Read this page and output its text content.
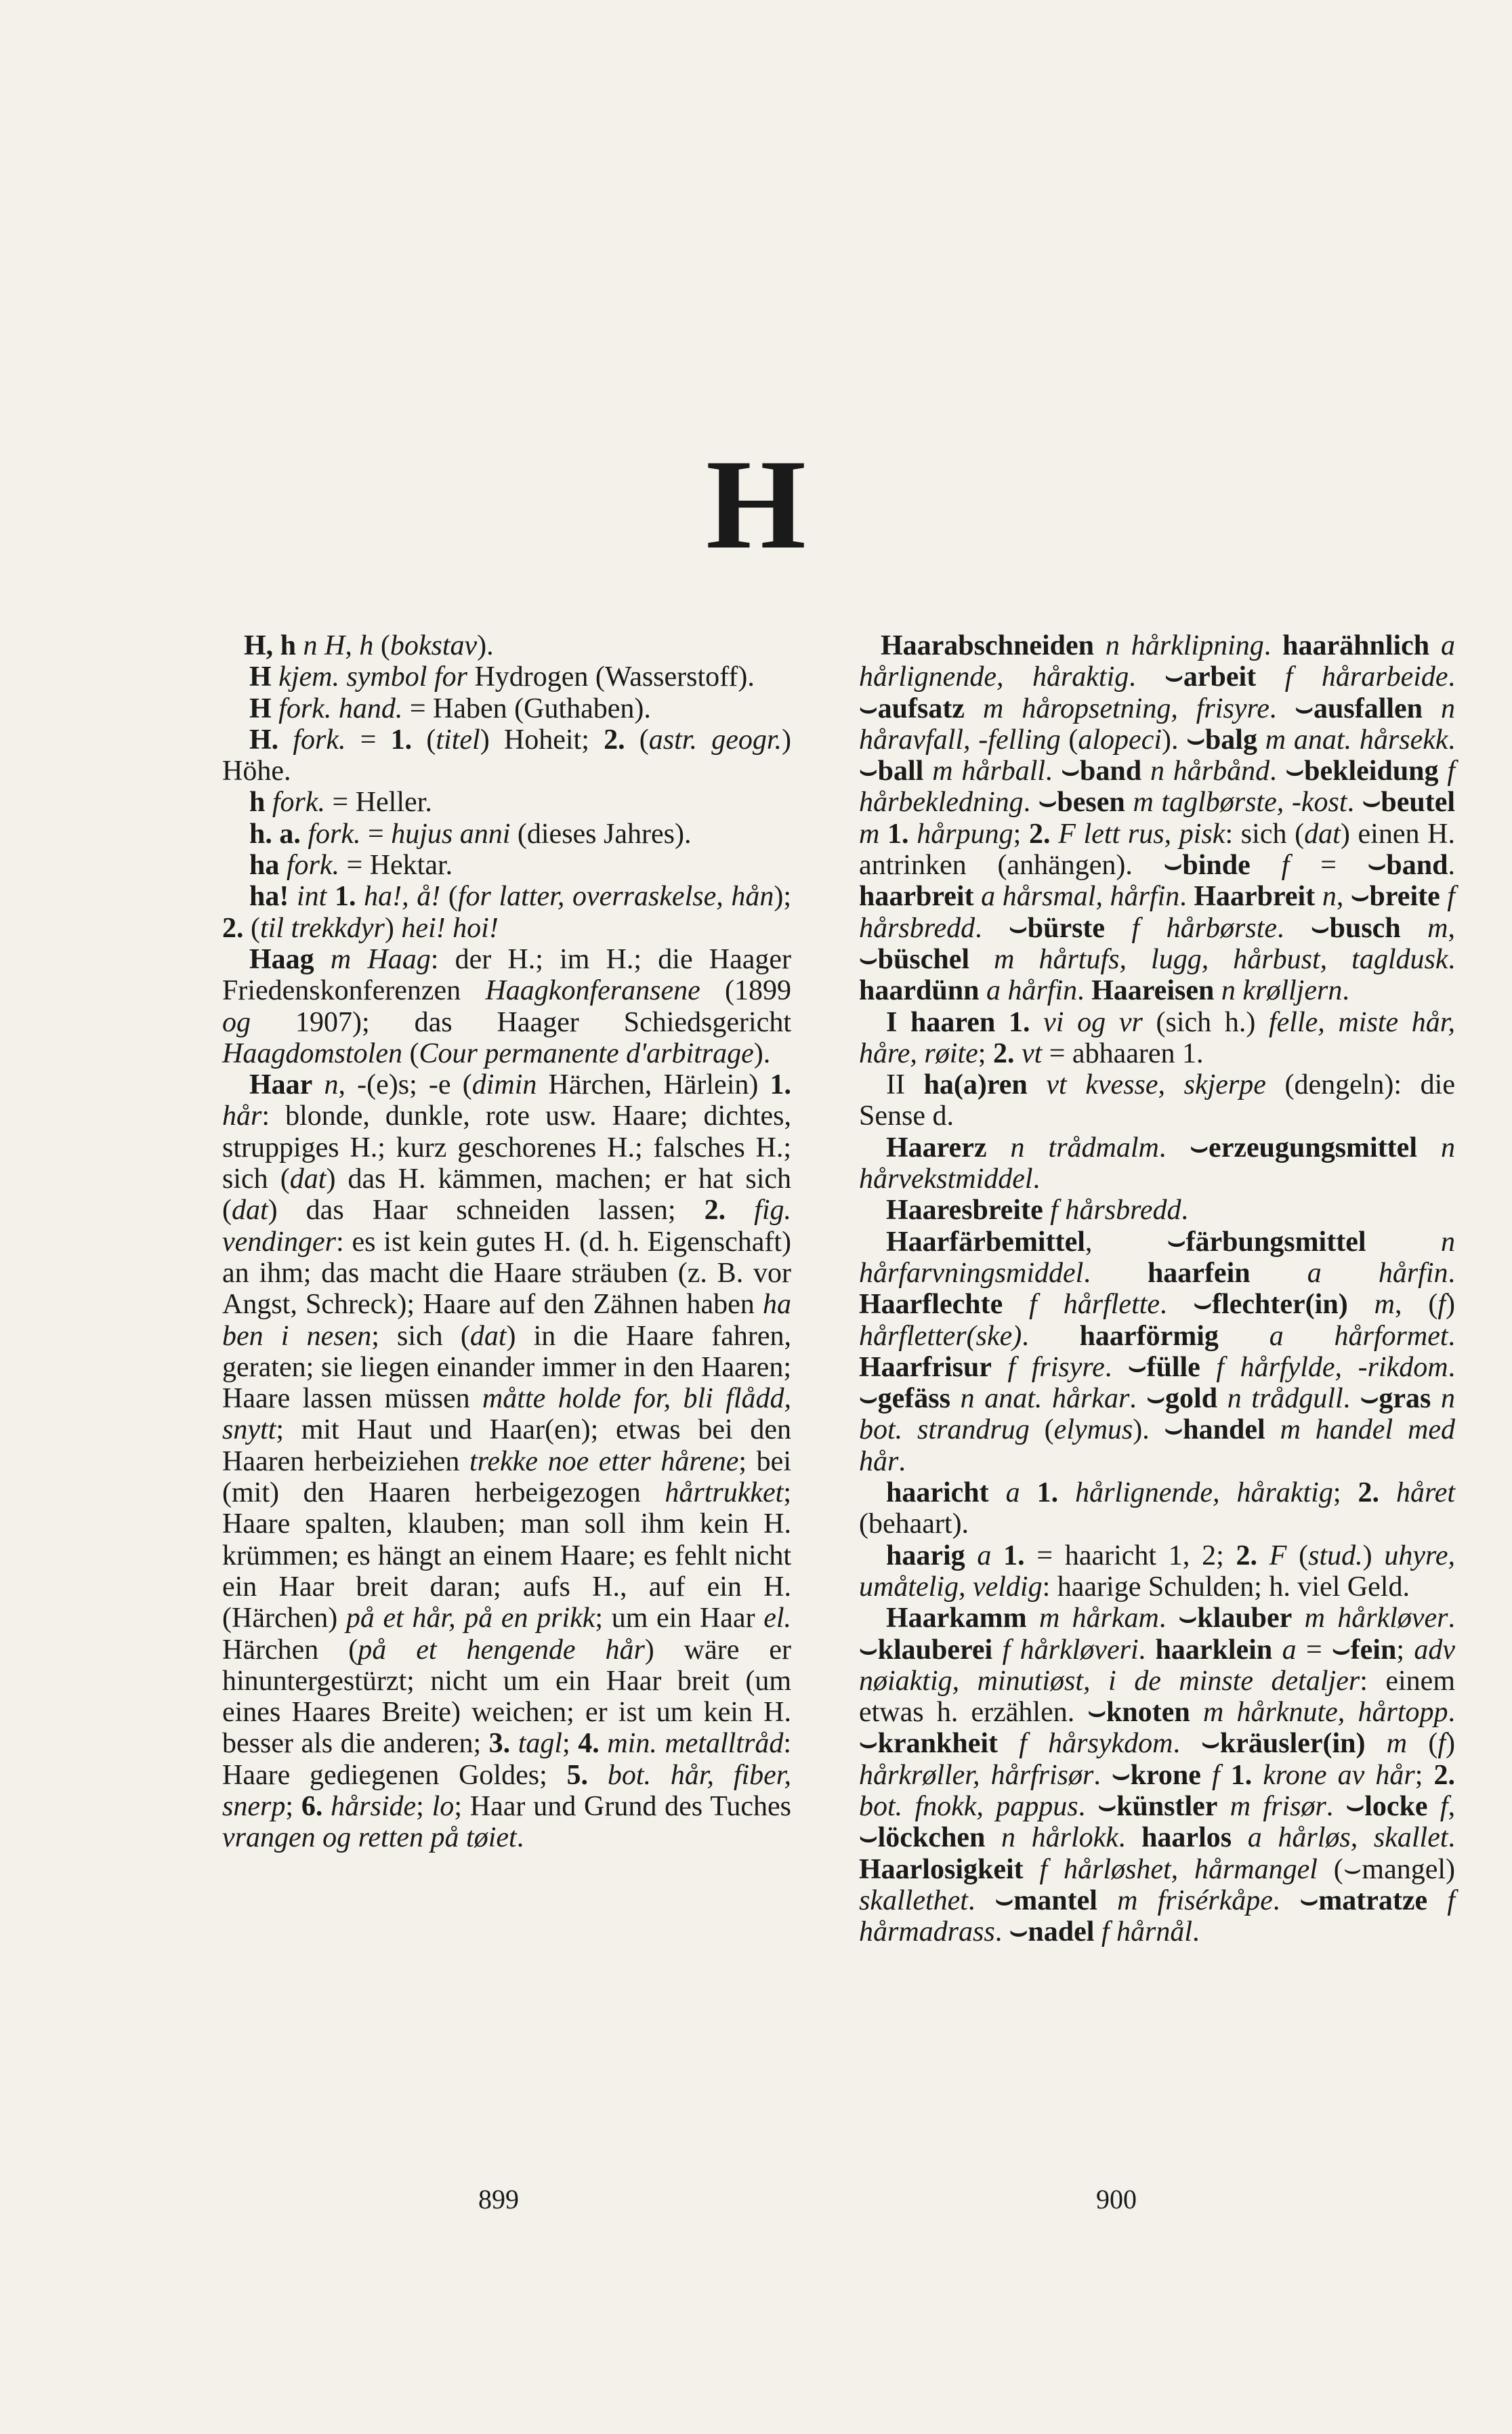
H

H, h n H, h (bokstav).

H kjem. symbol for Hydrogen (Wasserstoff).

H fork. hand. = Haben (Guthaben).

H. fork. = 1. (titel) Hoheit; 2. (astr. geogr.) Höhe.

h fork. = Heller.

h. a. fork. = hujus anni (dieses Jahres).

ha fork. = Hektar.

ha! int 1. ha!, å! (for latter, overraskelse, hån); 2. (til trekkdyr) hei! hoi!

Haag m Haag: der H.; im H.; die Haager Friedenskonferenzen Haagkonferansene (1899 og 1907); das Haager Schiedsgericht Haagdomstolen (Cour permanente d'arbitrage).

Haar n, -(e)s; -e (dimin Härchen, Härlein) 1. hår: blonde, dunkle, rote usw. Haare; dichtes, struppiges H.; kurz geschorenes H.; falsches H.; sich (dat) das H. kämmen, machen; er hat sich (dat) das Haar schneiden lassen; 2. fig. vendinger: es ist kein gutes H. (d. h. Eigenschaft) an ihm; das macht die Haare sträuben (z. B. vor Angst, Schreck); Haare auf den Zähnen haben ha ben i nesen; sich (dat) in die Haare fahren, geraten; sie liegen einander immer in den Haaren; Haare lassen müssen måtte holde for, bli flådd, snytt; mit Haut und Haar(en); etwas bei den Haaren herbeiziehen trekke noe etter hårene; bei (mit) den Haaren herbeigezogen hårtrukket; Haare spalten, klauben; man soll ihm kein H. krümmen; es hängt an einem Haare; es fehlt nicht ein Haar breit daran; aufs H., auf ein H. (Härchen) på et hår, på en prikk; um ein Haar el. Härchen (på et hengende hår) wäre er hinuntergestürzt; nicht um ein Haar breit (um eines Haares Breite) weichen; er ist um kein H. besser als die anderen; 3. tagl; 4. min. metalltråd: Haare gediegenen Goldes; 5. bot. hår, fiber, snerp; 6. hårside; lo; Haar und Grund des Tuches vrangen og retten på tøiet.

Haarabschneiden n hårklipning. haarähnlich a hårlignende, håraktig. ⌣arbeit f hårarbeide. ⌣aufsatz m håropsetning, frisyre. ⌣ausfallen n håravfall, -felling (alopeci). ⌣balg m anat. hårsekk. ⌣ball m hårball. ⌣band n hårbånd. ⌣bekleidung f hårbekledning. ⌣besen m taglbørste, -kost. ⌣beutel m 1. hårpung; 2. F lett rus, pisk: sich (dat) einen H. antrinken (anhängen). ⌣binde f = ⌣band. haarbreit a hårsmal, hårfin. Haarbreit n, ⌣breite f hårsbredd. ⌣bürste f hårbørste. ⌣busch m, ⌣büschel m hårtufs, lugg, hårbust, tagldusk. haardünn a hårfin. Haareisen n krølljern.

I haaren 1. vi og vr (sich h.) felle, miste hår, håre, røite; 2. vt = abhaaren 1.

II ha(a)ren vt kvesse, skjerpe (dengeln): die Sense d.

Haarerz n trådmalm. ⌣erzeugungsmittel n hårvekstmiddel.

Haaresbreite f hårsbredd.

Haarfärbemittel, ⌣färbungsmittel	n hårfarvningsmiddel. haarfein a hårfin. Haarflechte f hårflette. ⌣flechter(in) m, (f) hårfletter(ske). haarförmig a hårformet. Haarfrisur f frisyre. ⌣fülle f hårfylde, -rikdom. ⌣gefäss n anat. hårkar. ⌣gold n trådgull. ⌣gras n bot. strandrug (elymus). ⌣handel m handel med hår.

haaricht a 1. hårlignende, håraktig; 2. håret (behaart).

haarig a 1. = haaricht 1, 2; 2. F (stud.) uhyre, umåtelig, veldig: haarige Schulden; h. viel Geld.

Haarkamm m hårkam. ⌣klauber m hårkløver. ⌣klauberei f hårkløveri. haarklein a = ⌣fein; adv nøiaktig, minutiøst, i de minste detaljer: einem etwas h. erzählen. ⌣knoten m hårknute, hårtopp. ⌣krankheit f hårsykdom. ⌣kräusler(in) m (f) hårkrøller, hårfrisør. ⌣krone f 1. krone av hår; 2. bot. fnokk, pappus. ⌣künstler m frisør. ⌣locke f, ⌣löckchen n hårlokk. haarlos a hårløs, skallet. Haarlosigkeit f hårløshet, hårmangel (⌣mangel) skallethet. ⌣mantel m frisérkåpe. ⌣matratze f hårmadrass. ⌣nadel f hårnål.

899	900
